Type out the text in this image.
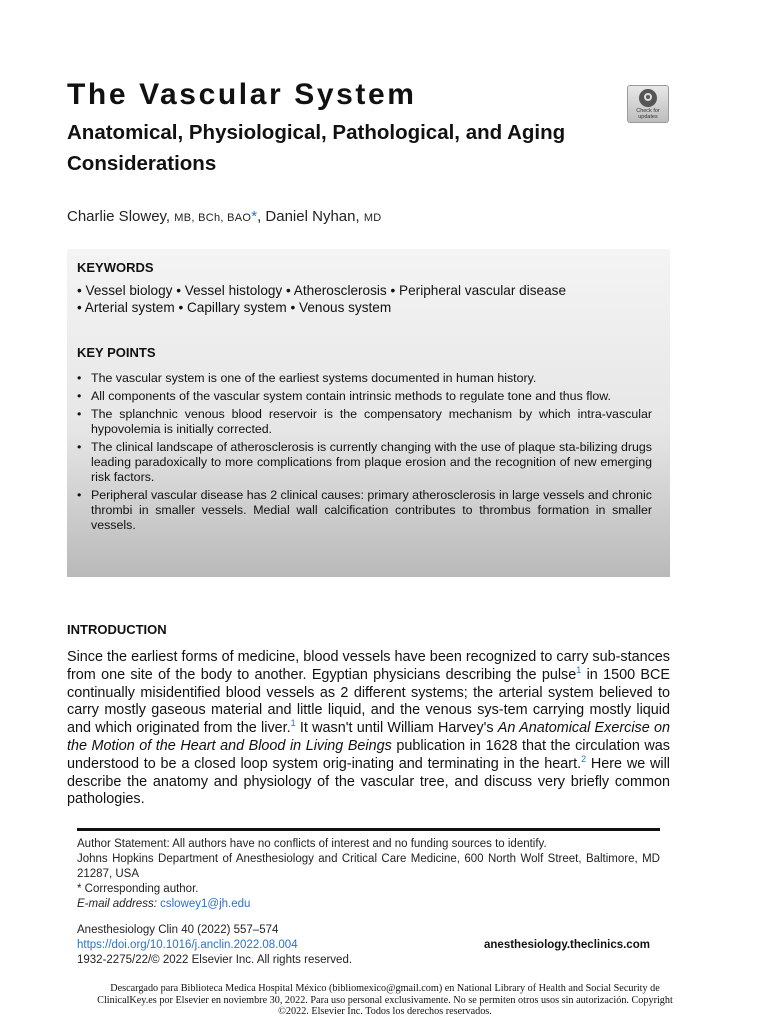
The Vascular System
Anatomical, Physiological, Pathological, and Aging Considerations
Check for updates
Charlie Slowey, MB, BCh, BAO*, Daniel Nyhan, MD
KEYWORDS
• Vessel biology • Vessel histology • Atherosclerosis • Peripheral vascular disease
• Arterial system • Capillary system • Venous system
KEY POINTS
• The vascular system is one of the earliest systems documented in human history.
• All components of the vascular system contain intrinsic methods to regulate tone and thus flow.
• The splanchnic venous blood reservoir is the compensatory mechanism by which intra-vascular hypovolemia is initially corrected.
• The clinical landscape of atherosclerosis is currently changing with the use of plaque sta-bilizing drugs leading paradoxically to more complications from plaque erosion and the recognition of new emerging risk factors.
• Peripheral vascular disease has 2 clinical causes: primary atherosclerosis in large vessels and chronic thrombi in smaller vessels. Medial wall calcification contributes to thrombus formation in smaller vessels.
INTRODUCTION
Since the earliest forms of medicine, blood vessels have been recognized to carry sub-stances from one site of the body to another. Egyptian physicians describing the pulse$^1$ in 1500 BCE continually misidentified blood vessels as 2 different systems; the arterial system believed to carry mostly gaseous material and little liquid, and the venous sys-tem carrying mostly liquid and which originated from the liver.$^1$ It wasn't until William Harvey's An Anatomical Exercise on the Motion of the Heart and Blood in Living Beings publication in 1628 that the circulation was understood to be a closed loop system orig-inating and terminating in the heart.$^2$ Here we will describe the anatomy and physiology of the vascular tree, and discuss very briefly common pathologies.
Author Statement: All authors have no conflicts of interest and no funding sources to identify.
Johns Hopkins Department of Anesthesiology and Critical Care Medicine, 600 North Wolf Street, Baltimore, MD 21287, USA
* Corresponding author.
E-mail address: cslowey1@jh.edu
Anesthesiology Clin 40 (2022) 557–574
https://doi.org/10.1016/j.anclin.2022.08.004
1932-2275/22/© 2022 Elsevier Inc. All rights reserved.
anesthesiology.theclinics.com
Descargado para Biblioteca Medica Hospital México (bibliomexico@gmail.com) en National Library of Health and Social Security de ClinicalKey.es por Elsevier en noviembre 30, 2022. Para uso personal exclusivamente. No se permiten otros usos sin autorización. Copyright ©2022. Elsevier Inc. Todos los derechos reservados.
